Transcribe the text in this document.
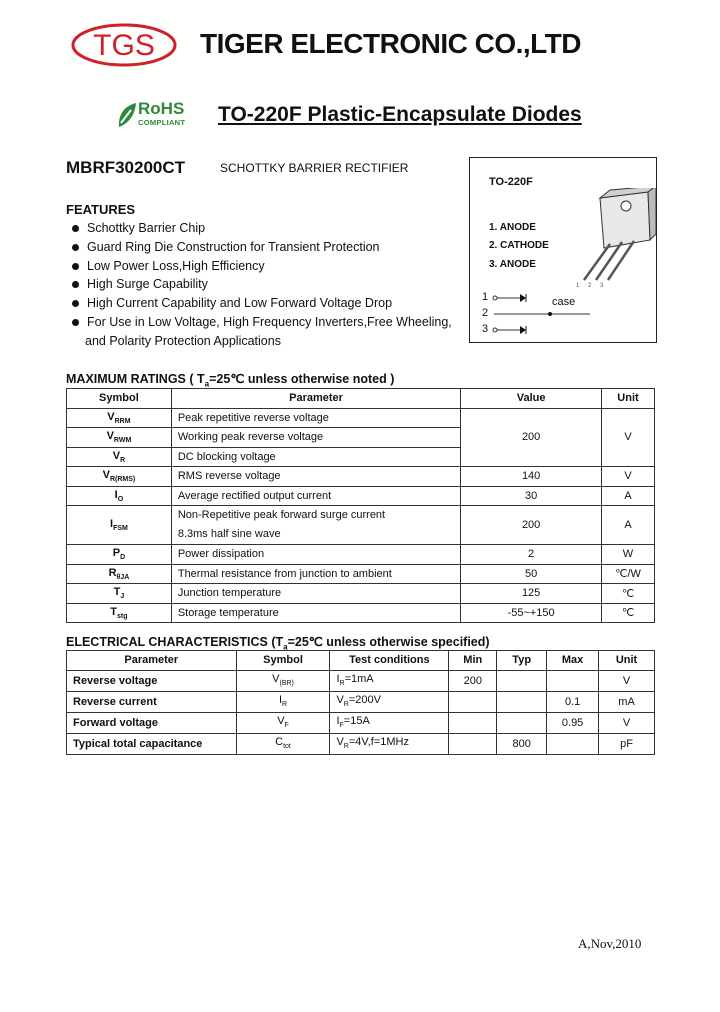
TGS TIGER ELECTRONIC CO.,LTD
RoHS
COMPLIANT TO-220F Plastic-Encapsulate Diodes
MBRF30200CT	SCHOTTKY BARRIER RECTIFIER
FEATURES
Schottky Barrier Chip
Guard Ring Die Construction for Transient Protection
Low Power Loss,High Efficiency
High Surge Capability
High Current Capability and Low Forward Voltage Drop
For Use in Low Voltage, High Frequency Inverters,Free Wheeling,
and Polarity Protection Applications
TO-220F
1. ANODE
2. CATHODE
3. ANODE
1 2 3
1
2
3
case
MAXIMUM RATINGS ( $T_a=25℃$ unless otherwise noted )
Symbol	Parameter	Value	Unit
$V_{RRM}$	Peak repetitive reverse voltage	200	V
$V_{RWM}$	Working peak reverse voltage		
$V_R$	DC blocking voltage		
$V_{R(RMS)}$	RMS reverse voltage	140	V
$I_O$	Average rectified output current	30	A
$I_{FSM}$	Non-Repetitive peak forward surge current
8.3ms half sine wave	200	A
$P_D$	Power dissipation	2	W
$R_{\theta JA}$	Thermal resistance from junction to ambient	50	℃/W
$T_J$	Junction temperature	125	℃
$T_{stg}$	Storage temperature	-55~+150	℃
ELECTRICAL CHARACTERISTICS ($T_a=25℃$ unless otherwise specified)
Parameter	Symbol	Test conditions	Min	Typ	Max	Unit
Reverse voltage	$V_{(BR)}$	$I_R=1mA$	200			V
Reverse current	$I_R$	$V_R=200V$			0.1	mA
Forward voltage	$V_F$	$I_F=15A$			0.95	V
Typical total capacitance	$C_{tot}$	$V_R=4V,f=1MHz$		800		pF
A,Nov,2010
